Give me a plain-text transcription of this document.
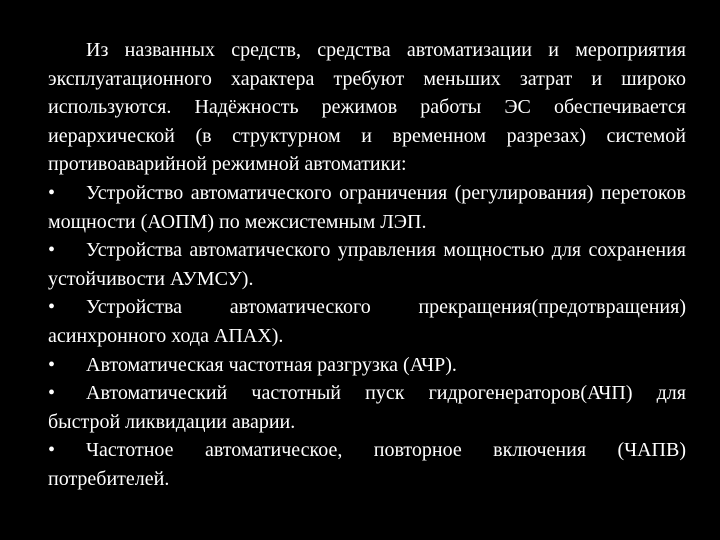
Из названных средств, средства автоматизации и мероприятия эксплуатационного характера требуют меньших затрат и широко используются. Надёжность режимов работы ЭС обеспечивается иерархической (в структурном и временном разрезах) системой противоаварийной режимной автоматики:

• Устройство автоматического ограничения (регулирования) перетоков мощности (АОПМ) по межсистемным ЛЭП.

• Устройства автоматического управления мощностью для сохранения устойчивости АУМСУ).

• Устройства автоматического прекращения(предотвращения) асинхронного хода АПАХ).

• Автоматическая частотная разгрузка (АЧР).

• Автоматический частотный пуск гидрогенераторов(АЧП) для быстрой ликвидации аварии.

• Частотное автоматическое, повторное включения (ЧАПВ) потребителей.
